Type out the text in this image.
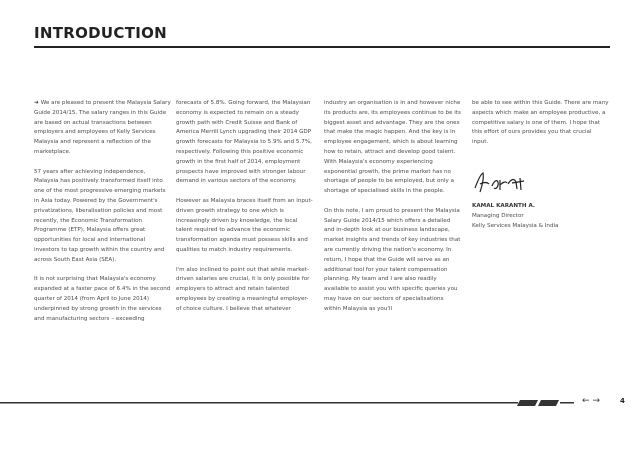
INTRODUCTION

➜ We are pleased to present the Malaysia Salary Guide 2014/15. The salary ranges in this Guide are based on actual transactions between employers and employees of Kelly Services Malaysia and represent a reflection of the marketplace.

57 years after achieving independence, Malaysia has positively transformed itself into one of the most progressive emerging markets in Asia today. Powered by the Government's privatizations, liberalisation policies and most recently, the Economic Transformation Programme (ETP), Malaysia offers great opportunities for local and international investors to tap growth within the country and across South East Asia (SEA).

It is not surprising that Malaysia's economy expanded at a faster pace of 6.4% in the second quarter of 2014 (from April to June 2014) underpinned by strong growth in the services and manufacturing sectors – exceeding

forecasts of 5.8%. Going forward, the Malaysian economy is expected to remain on a steady growth path with Credit Suisse and Bank of America Merrill Lynch upgrading their 2014 GDP growth forecasts for Malaysia to 5.9% and 5.7%, respectively. Following this positive economic growth in the first half of 2014, employment prospects have improved with stronger labour demand in various sectors of the economy.

However as Malaysia braces itself from an input-driven growth strategy to one which is increasingly driven by knowledge, the local talent required to advance the economic transformation agenda must possess skills and qualities to match industry requirements.

I'm also inclined to point out that while market-driven salaries are crucial, it is only possible for employers to attract and retain talented employees by creating a meaningful employer-of choice culture. I believe that whatever

industry an organisation is in and however niche its products are, its employees continue to be its biggest asset and advantage. They are the ones that make the magic happen. And the key is in employee engagement, which is about learning how to retain, attract and develop good talent. With Malaysia's economy experiencing exponential growth, the prime market has no shortage of people to be employed, but only a shortage of specialised skills in the people.

On this note, I am proud to present the Malaysia Salary Guide 2014/15 which offers a detailed and in-depth look at our business landscape, market insights and trends of key industries that are currently driving the nation's economy. In return, I hope that the Guide will serve as an additional tool for your talent compensation planning. My team and I are also readily available to assist you with specific queries you may have on our sectors of specialisations within Malaysia as you'll

be able to see within this Guide. There are many aspects which make an employee productive, a competitive salary is one of them. I hope that this effort of ours provides you that crucial input.

KAMAL KARANTH A.
Managing Director
Kelly Services Malaysia & India
← →	4
